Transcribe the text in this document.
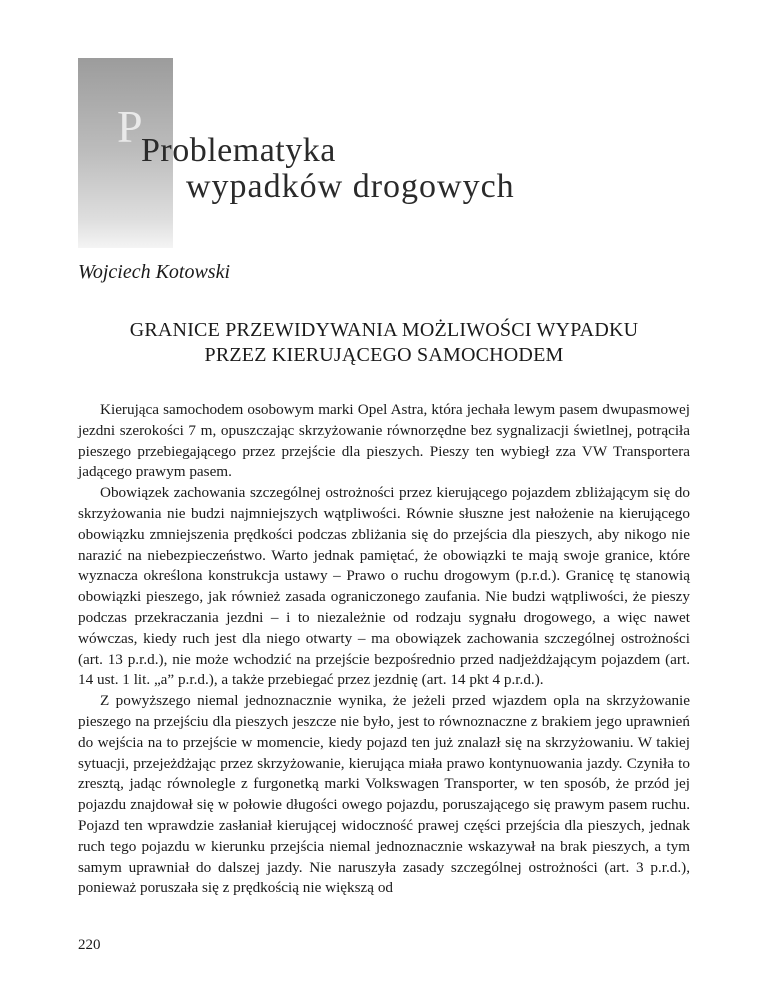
P
Problematyka
wypadków drogowych
Wojciech Kotowski
GRANICE PRZEWIDYWANIA MOŻLIWOŚCI WYPADKU
PRZEZ KIERUJĄCEGO SAMOCHODEM

Kierująca samochodem osobowym marki Opel Astra, która jechała lewym pasem dwupasmowej jezdni szerokości 7 m, opuszczając skrzyżowanie równorzędne bez sygnalizacji świetlnej, potrąciła pieszego przebiegającego przez przejście dla pieszych. Pieszy ten wybiegł zza VW Transportera jadącego prawym pasem.

Obowiązek zachowania szczególnej ostrożności przez kierującego pojazdem zbliżającym się do skrzyżowania nie budzi najmniejszych wątpliwości. Równie słuszne jest nałożenie na kierującego obowiązku zmniejszenia prędkości podczas zbliżania się do przejścia dla pieszych, aby nikogo nie narazić na niebezpieczeństwo. Warto jednak pamiętać, że obowiązki te mają swoje granice, które wyznacza określona konstrukcja ustawy – Prawo o ruchu drogowym (p.r.d.). Granicę tę stanowią obowiązki pieszego, jak również zasada ograniczonego zaufania. Nie budzi wątpliwości, że pieszy podczas przekraczania jezdni – i to niezależnie od rodzaju sygnału drogowego, a więc nawet wówczas, kiedy ruch jest dla niego otwarty – ma obowiązek zachowania szczególnej ostrożności (art. 13 p.r.d.), nie może wchodzić na przejście bezpośrednio przed nadjeżdżającym pojazdem (art. 14 ust. 1 lit. „a” p.r.d.), a także przebiegać przez jezdnię (art. 14 pkt 4 p.r.d.).

Z powyższego niemal jednoznacznie wynika, że jeżeli przed wjazdem opla na skrzyżowanie pieszego na przejściu dla pieszych jeszcze nie było, jest to równoznaczne z brakiem jego uprawnień do wejścia na to przejście w momencie, kiedy pojazd ten już znalazł się na skrzyżowaniu. W takiej sytuacji, przejeżdżając przez skrzyżowanie, kierująca miała prawo kontynuowania jazdy. Czyniła to zresztą, jadąc równolegle z furgonetką marki Volkswagen Transporter, w ten sposób, że przód jej pojazdu znajdował się w połowie długości owego pojazdu, poruszającego się prawym pasem ruchu. Pojazd ten wprawdzie zasłaniał kierującej widoczność prawej części przejścia dla pieszych, jednak ruch tego pojazdu w kierunku przejścia niemal jednoznacznie wskazywał na brak pieszych, a tym samym uprawniał do dalszej jazdy. Nie naruszyła zasady szczególnej ostrożności (art. 3 p.r.d.), ponieważ poruszała się z prędkością nie większą od

220
